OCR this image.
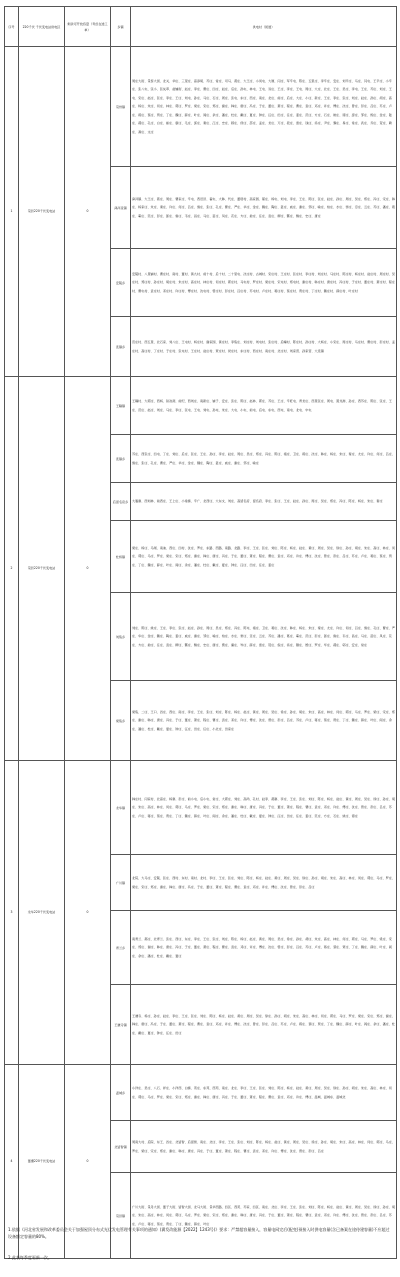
序号	220千伏 千伏变电站供电区	剩余可开放容量（考虑在途工单）	乡镇	供电村（街道）
1	景县220千伏变电站	0	景州镇	周庄大街、景泰大街、北关、华庄、三里庄、高添胡、苏庄、常庄、司马、燕庄、大王庄、小何屯、大厘、闫庄、军辛屯、陈庄、五里庄、李辛庄、安庄、刘辛庄、马庄、闫屯、王辛庄、小辛庄、张八屯、张小、张灰草、赵辅街、赵庄、李庄、曹庄、四庄、赵庄、后庄、孙屯、林屯、王屯、双庄、王庄、李庄、王屯、周庄、大庄、北庄、王庄、吴庄、李屯、王庄、苏庄、刘庄、王屯、宋庄、赵庄、张庄、李庄、王庄、刘屯、孙庄、马庄、石庄、周庄、张屯、东庄、西庄、南庄、北庄、前庄、后庄、大庄、小庄、新庄、王庄、李庄、张庄、刘庄、赵庄、孙庄、胡庄、高庄、杨庄、朱庄、何庄、林庄、郭庄、罗庄、梁庄、宋庄、郑庄、谢庄、韩庄、唐庄、冯庄、于庄、董庄、萧庄、程庄、曹庄、袁庄、邓庄、许庄、傅庄、沈庄、曾庄、彭庄、吕庄、苏庄、卢庄、蒋庄、蔡庄、贾庄、丁庄、魏庄、薛庄、叶庄、阎庄、余庄、潘庄、杜庄、戴庄、夏庄、钟庄、汪庄、田庄、任庄、姜庄、范庄、方庄、石庄、姚庄、谭庄、廖庄、邹庄、熊庄、金庄、陆庄、郝庄、孔庄、白庄、崔庄、康庄、毛庄、邱庄、秦庄、江庄、史庄、顾庄、侯庄、邵庄、孟庄、龙庄、万庄、段庄、雷庄、钱庄、汤庄、尹庄、黎庄、易庄、常庄、武庄、乔庄、贺庄、赖庄、龚庄、文庄
			洚河流镇	洚河镇、大王庄、燕庄、周庄、曹家庄、辛屯、西旧县、翟屯、大韩、代庄、董塔村、高家园、郝庄、杨屯、刘屯、李庄、王庄、陈庄、张庄、赵庄、孙庄、周庄、吴庄、郑庄、冯庄、宋庄、韩庄、杨家庄、朱庄、秦庄、许庄、何庄、吕庄、施庄、张庄、孔庄、曹庄、严庄、华庄、金庄、魏庄、陶庄、姜庄、戚庄、谢庄、邹庄、喻庄、柏庄、水庄、窦庄、章庄、云庄、苏庄、潘庄、葛庄、奚庄、范庄、彭庄、郎庄、鲁庄、韦庄、昌庄、马庄、苗庄、凤庄、花庄、方庄、俞庄、任庄、袁庄、柳庄、酆庄、鲍庄、史庄、唐庄
			安陵乡	安陵村、八里铺村、曹庄村、南村、董村、黄九村、前十村、后十村、二十里屯、沈庄村、古城村、宋庄村、王庄村、张庄村、李庄村、刘庄村、马庄村、陈庄村、杨庄村、赵庄村、周庄村、吴庄村、郑庄村、孙庄村、胡庄村、朱庄村、高庄村、林庄村、何庄村、郭庄村、马屯村、罗庄村、梁庄村、宋屯村、郑屯村、谢庄村、韩庄村、唐庄村、冯庄村、于庄村、董庄村、萧庄村、程庄村、曹屯村、袁庄村、邓庄村、许庄村、傅庄村、沈屯村、曾庄村、彭庄村、吕庄村、苏屯村、卢庄村、蒋庄村、蔡庄村、贾庄村、丁庄村、魏庄村、薛庄村、叶庄村
			连镇乡	范庄村、西五里、北石家、刘八庄、王屯村、杨庄村、谢家园、黄庄村、李集庄、刘庄村、刘屯村、张庄村、后疃村、陈庄村、孙庄村、大杨庄、小宋庄、周庄村、马庄村、曹庄村、彭庄村、孟庄村、高庄村、丁庄村、于庄村、张屯村、王庄村、赵庄村、贾庄村、侯庄村、东庄村、西庄村、南庄村、北庄村、刘家营、孙家营、大连镇
2	景县220千伏变电站	0	王瞳镇	王瞳村、大郭庄、西杨、铁冶洞、前纪、西刘庄、南新庄、铺子、安庄、张庄、陈庄、赵林、郭庄、苏庄、王庄、辛旺屯、青龙庄、西里张庄、周屯、黑龙港、孙庄、西苏庄、陈庄、张庄、王庄、范庄、赵庄、刘庄、马庄、李庄、张屯、王屯、刘屯、孙屯、朱庄、大屯、小屯、前屯、后屯、东屯、西屯、南屯、北屯、中屯
			连镇乡	苏庄、西张庄、四屯、丁庄、刘庄、后庄、张庄、王庄、孙庄、李庄、赵庄、周庄、吴庄、郑庄、冯庄、陈庄、褚庄、卫庄、蒋庄、沈庄、韩庄、杨庄、朱庄、秦庄、尤庄、许庄、何庄、吕庄、施庄、张庄、孔庄、曹庄、严庄、华庄、金庄、魏庄、陶庄、姜庄、戚庄、谢庄、邹庄、喻庄
			后留名府乡	大雁寨、西刘林、前西庄、王上庄、小常寨、辛广、北西庄、大东文、刘庄、高留名府、留名府、李庄、张庄、王庄、赵庄、孙庄、周庄、吴庄、郑庄、冯庄、陈庄、杨庄、朱庄、秦庄
			杜桥镇	梁庄、杨庄、马闸、南油、西庄、四村、沈庄、罗庄、东路、西路、南路、北路、李庄、王庄、张庄、刘庄、陈庄、杨庄、赵庄、黄庄、周庄、吴庄、徐庄、孙庄、胡庄、朱庄、高庄、林庄、何庄、郭庄、马庄、罗庄、梁庄、宋庄、郑庄、谢庄、韩庄、唐庄、冯庄、于庄、董庄、萧庄、程庄、曹庄、袁庄、邓庄、许庄、傅庄、沈庄、曾庄、彭庄、吕庄、苏庄、卢庄、蒋庄、蔡庄、贾庄、丁庄、魏庄、薛庄、叶庄、阎庄、余庄、潘庄、杜庄、戴庄、夏庄、钟庄、汪庄、田庄、任庄、姜庄
			刘集乡	刘庄、陈庄、姚庄、王庄、李庄、张庄、赵庄、孙庄、周庄、吴庄、郑庄、冯庄、陈屯、褚庄、卫庄、蒋庄、沈庄、韩庄、杨庄、朱庄、秦庄、尤庄、许庄、何庄、吕庄、施庄、孔庄、曹庄、严庄、华庄、金庄、魏庄、陶庄、姜庄、戚庄、谢庄、邹庄、喻庄、柏庄、水庄、窦庄、章庄、云庄、苏庄、潘庄、葛庄、奚庄、范庄、彭庄、郎庄、鲁庄、韦庄、昌庄、马庄、苗庄、凤庄、花庄、方庄、俞庄、任庄、袁庄、柳庄、酆庄、鲍庄、史庄、唐庄、费庄、廉庄、岑庄、薛庄、雷庄、贺庄、倪庄、汤庄、滕庄、殷庄、罗庄、毕庄、郝庄、邬庄、安庄、常庄
			梁集乡	梁集、二庄、王口、四庄、西庄、南庄、李庄、王庄、张庄、刘庄、陈庄、杨庄、赵庄、黄庄、周庄、吴庄、徐庄、孙庄、胡庄、朱庄、高庄、林庄、何庄、郭庄、马庄、罗庄、梁庄、宋庄、郑庄、谢庄、韩庄、唐庄、冯庄、于庄、董庄、萧庄、程庄、曹庄、袁庄、邓庄、许庄、傅庄、沈庄、曾庄、彭庄、吕庄、苏庄、卢庄、蒋庄、蔡庄、贾庄、丁庄、魏庄、薛庄、叶庄、阎庄、余庄、潘庄、杜庄、戴庄、夏庄、钟庄、汪庄、田庄、任庄、小北庄、田家庄
3	龙华220千伏变电站	0	龙华镇	韩庄村、闫家村、北高庄、杨寨、彭庄、前小屯、后小屯、常庄、大郭庄、刘庄、高尚、孔村、赵李、郝寨、李庄、王庄、张庄、刘庄、陈庄、杨庄、赵庄、黄庄、周庄、吴庄、徐庄、孙庄、胡庄、朱庄、高庄、林庄、何庄、郭庄、马庄、罗庄、梁庄、宋庄、郑庄、谢庄、韩庄、唐庄、冯庄、于庄、董庄、萧庄、程庄、曹庄、袁庄、邓庄、许庄、傅庄、沈庄、曾庄、彭庄、吕庄、苏庄、卢庄、蒋庄、蔡庄、贾庄、丁庄、魏庄、薛庄、叶庄、阎庄、余庄、潘庄、杜庄、戴庄、夏庄、钟庄、汪庄、田庄、任庄、姜庄、范庄、方庄、石庄、姚庄、谭庄
			广川镇	北院、大马庄、安陵、张庄、西村、东村、南村、北村、李庄、王庄、张庄、刘庄、陈庄、杨庄、赵庄、黄庄、周庄、吴庄、徐庄、孙庄、胡庄、朱庄、高庄、林庄、何庄、郭庄、马庄、罗庄、梁庄、宋庄、郑庄、谢庄、韩庄、唐庄、冯庄、于庄、董庄、萧庄、程庄、曹庄、袁庄、邓庄、许庄、傅庄、沈庄、曾庄、彭庄、吕庄
			青兰乡	南青兰、郝庄、北青兰、张庄、西庄、东庄、李庄、王庄、张庄、刘庄、陈庄、杨庄、赵庄、黄庄、周庄、吴庄、徐庄、孙庄、胡庄、朱庄、高庄、林庄、何庄、郭庄、马庄、罗庄、梁庄、宋庄、郑庄、谢庄、韩庄、唐庄、冯庄、于庄、董庄、萧庄、程庄、曹庄、袁庄、邓庄、许庄、傅庄、沈庄、曾庄、彭庄、吕庄、苏庄、卢庄、蒋庄、蔡庄、贾庄、丁庄、魏庄、薛庄、叶庄、阎庄、余庄、潘庄、杜庄、戴庄、夏庄
			王谦寺镇	王谦寺、杨庄、孙庄、赵庄、李庄、王庄、张庄、刘庄、陈庄、杨庄、赵庄、黄庄、周庄、吴庄、徐庄、孙庄、胡庄、朱庄、高庄、林庄、何庄、郭庄、马庄、罗庄、梁庄、宋庄、郑庄、谢庄、韩庄、唐庄、冯庄、于庄、董庄、萧庄、程庄、曹庄、袁庄、邓庄、许庄、傅庄、沈庄、曾庄、彭庄、吕庄、苏庄、卢庄、蒋庄、蔡庄、贾庄、丁庄、魏庄、薛庄、叶庄、阎庄、余庄、潘庄、杜庄、戴庄、夏庄、钟庄、汪庄、田庄
4	董漕220千伏变电站	0	温城乡	小洋庄、吴庄、八石、祥庄、小洋西、白寨、苑庄、东苑、西苑、南庄、北庄、李庄、王庄、张庄、刘庄、陈庄、杨庄、赵庄、黄庄、周庄、吴庄、徐庄、孙庄、胡庄、朱庄、高庄、林庄、何庄、郭庄、马庄、罗庄、梁庄、宋庄、郑庄、谢庄、韩庄、唐庄、冯庄、于庄、董庄、萧庄、程庄、曹庄、袁庄、邓庄、许庄、傅庄、温城、温城东、温城北
			北留智镇	周南大村、后院、东王、四庄、北留智、后留智、南庄、北庄、李庄、王庄、张庄、刘庄、陈庄、杨庄、赵庄、黄庄、周庄、吴庄、徐庄、孙庄、胡庄、朱庄、高庄、林庄、何庄、郭庄、马庄、罗庄、梁庄、宋庄、郑庄、谢庄、韩庄、唐庄、冯庄、于庄、董庄、萧庄、程庄、曹庄、袁庄、邓庄、许庄、傅庄、沈庄、曾庄、彭庄、吕庄
			景县镇	广川大街、景丹大街、董子大街、留智大街、北马大街、景华西路、四区、西苑、苏家、四区、南庄、北庄、李庄、王庄、张庄、刘庄、陈庄、杨庄、赵庄、黄庄、周庄、吴庄、徐庄、孙庄、胡庄、朱庄、高庄、林庄、何庄、郭庄、马庄、罗庄、梁庄、宋庄、郑庄、谢庄、韩庄、唐庄、冯庄、于庄、董庄、萧庄、程庄、曹庄、袁庄、邓庄、许庄、傅庄、沈庄、曾庄、彭庄、吕庄、苏庄、卢庄、蒋庄、蔡庄、贾庄、丁庄、魏庄、薛庄、叶庄
1.依据《河北省发展和改革委员会关于加强屋顶分布式光伏发电管理有关事项的通知》(冀发改能源【2022】1243号)》要求：严禁超容量接入，容量电网完后(配变)预接入时供电容量(含已备案在途待建容量)不应超过设备额定容量的80%。
2.此表每季度更新一次。
